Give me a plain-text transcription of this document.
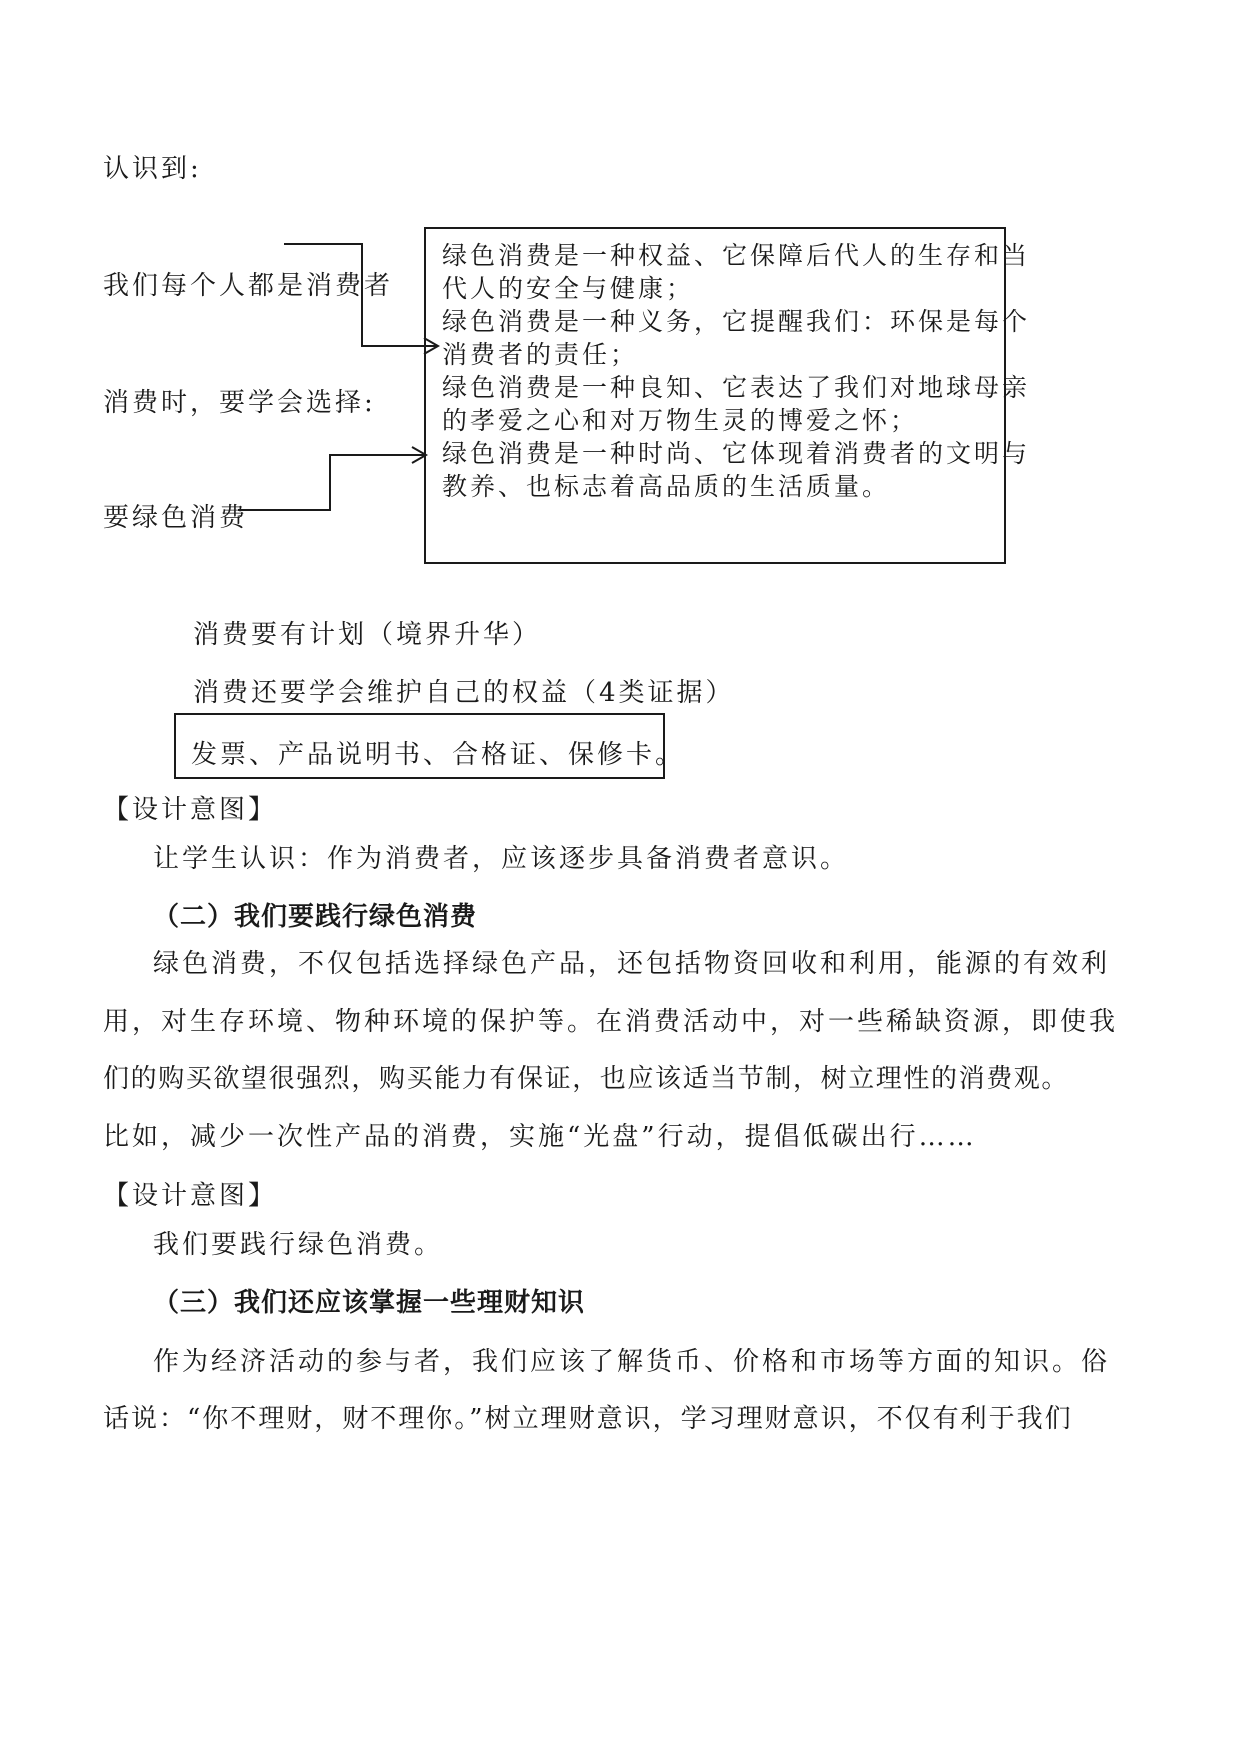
认识到:
我们每个人都是消费者
消费时，要学会选择:
要绿色消费
绿色消费是一种权益、它保障后代人的生存和当
代人的安全与健康；
绿色消费是一种义务，它提醒我们：环保是每个
消费者的责任；
绿色消费是一种良知、它表达了我们对地球母亲
的孝爱之心和对万物生灵的博爱之怀；
绿色消费是一种时尚、它体现着消费者的文明与
教养、也标志着高品质的生活质量。
消费要有计划（境界升华）
消费还要学会维护自己的权益（4类证据）
发票、产品说明书、合格证、保修卡。
【设计意图】
让学生认识：作为消费者，应该逐步具备消费者意识。
（二）我们要践行绿色消费
绿色消费，不仅包括选择绿色产品，还包括物资回收和利用，能源的有效利
用，对生存环境、物种环境的保护等。在消费活动中，对一些稀缺资源，即使我
们的购买欲望很强烈，购买能力有保证，也应该适当节制，树立理性的消费观。
比如，减少一次性产品的消费，实施“光盘”行动，提倡低碳出行……
【设计意图】
我们要践行绿色消费。
（三）我们还应该掌握一些理财知识
作为经济活动的参与者，我们应该了解货币、价格和市场等方面的知识。俗
话说：“你不理财，财不理你。”树立理财意识，学习理财意识，不仅有利于我们
